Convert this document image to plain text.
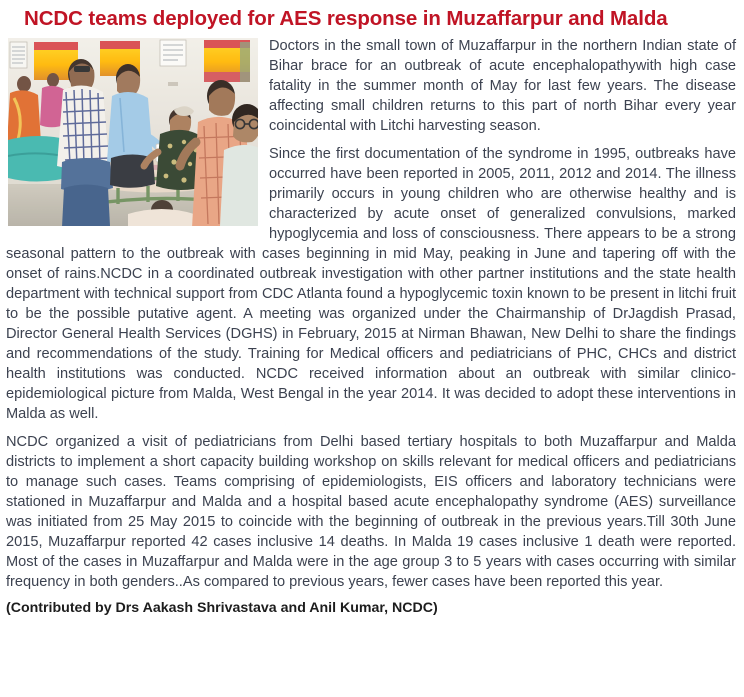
NCDC teams deployed for AES response in Muzaffarpur and Malda

Doctors in the small town of Muzaffarpur in the northern Indian state of Bihar brace for an outbreak of acute encephalopathywith high case fatality in the summer month of May for last few years. The disease affecting small children returns to this part of north Bihar every year coincidental with Litchi harvesting season.

Since the first documentation of the syndrome in 1995, outbreaks have occurred have been reported in 2005, 2011, 2012 and 2014. The illness primarily occurs in young children who are otherwise healthy and is characterized by acute onset of generalized convulsions, marked hypoglycemia and loss of consciousness. There appears to be a strong seasonal pattern to the outbreak with cases beginning in mid May, peaking in June and tapering off with the onset of rains.NCDC in a coordinated outbreak investigation with other partner institutions and the state health department with technical support from CDC Atlanta found a hypoglycemic toxin known to be present in litchi fruit to be the possible putative agent. A meeting was organized under the Chairmanship of DrJagdish Prasad, Director General Health Services (DGHS) in February, 2015 at Nirman Bhawan, New Delhi to share the findings and recommendations of the study. Training for Medical officers and pediatricians of PHC, CHCs and district health institutions was conducted. NCDC received information about an outbreak with similar clinico-epidemiological picture from Malda, West Bengal in the year 2014. It was decided to adopt these interventions in Malda as well.

NCDC organized a visit of pediatricians from Delhi based tertiary hospitals to both Muzaffarpur and Malda districts to implement a short capacity building workshop on skills relevant for medical officers and pediatricians to manage such cases. Teams comprising of epidemiologists, EIS officers and laboratory technicians were stationed in Muzaffarpur and Malda and a hospital based acute encephalopathy syndrome (AES) surveillance was initiated from 25 May 2015 to coincide with the beginning of outbreak in the previous years.Till 30th June 2015, Muzaffarpur reported 42 cases inclusive 14 deaths. In Malda 19 cases inclusive 1 death were reported. Most of the cases in Muzaffarpur and Malda were in the age group 3 to 5 years with cases occurring with similar frequency in both genders..As compared to previous years, fewer cases have been reported this year.

(Contributed by Drs Aakash Shrivastava and Anil Kumar, NCDC)
